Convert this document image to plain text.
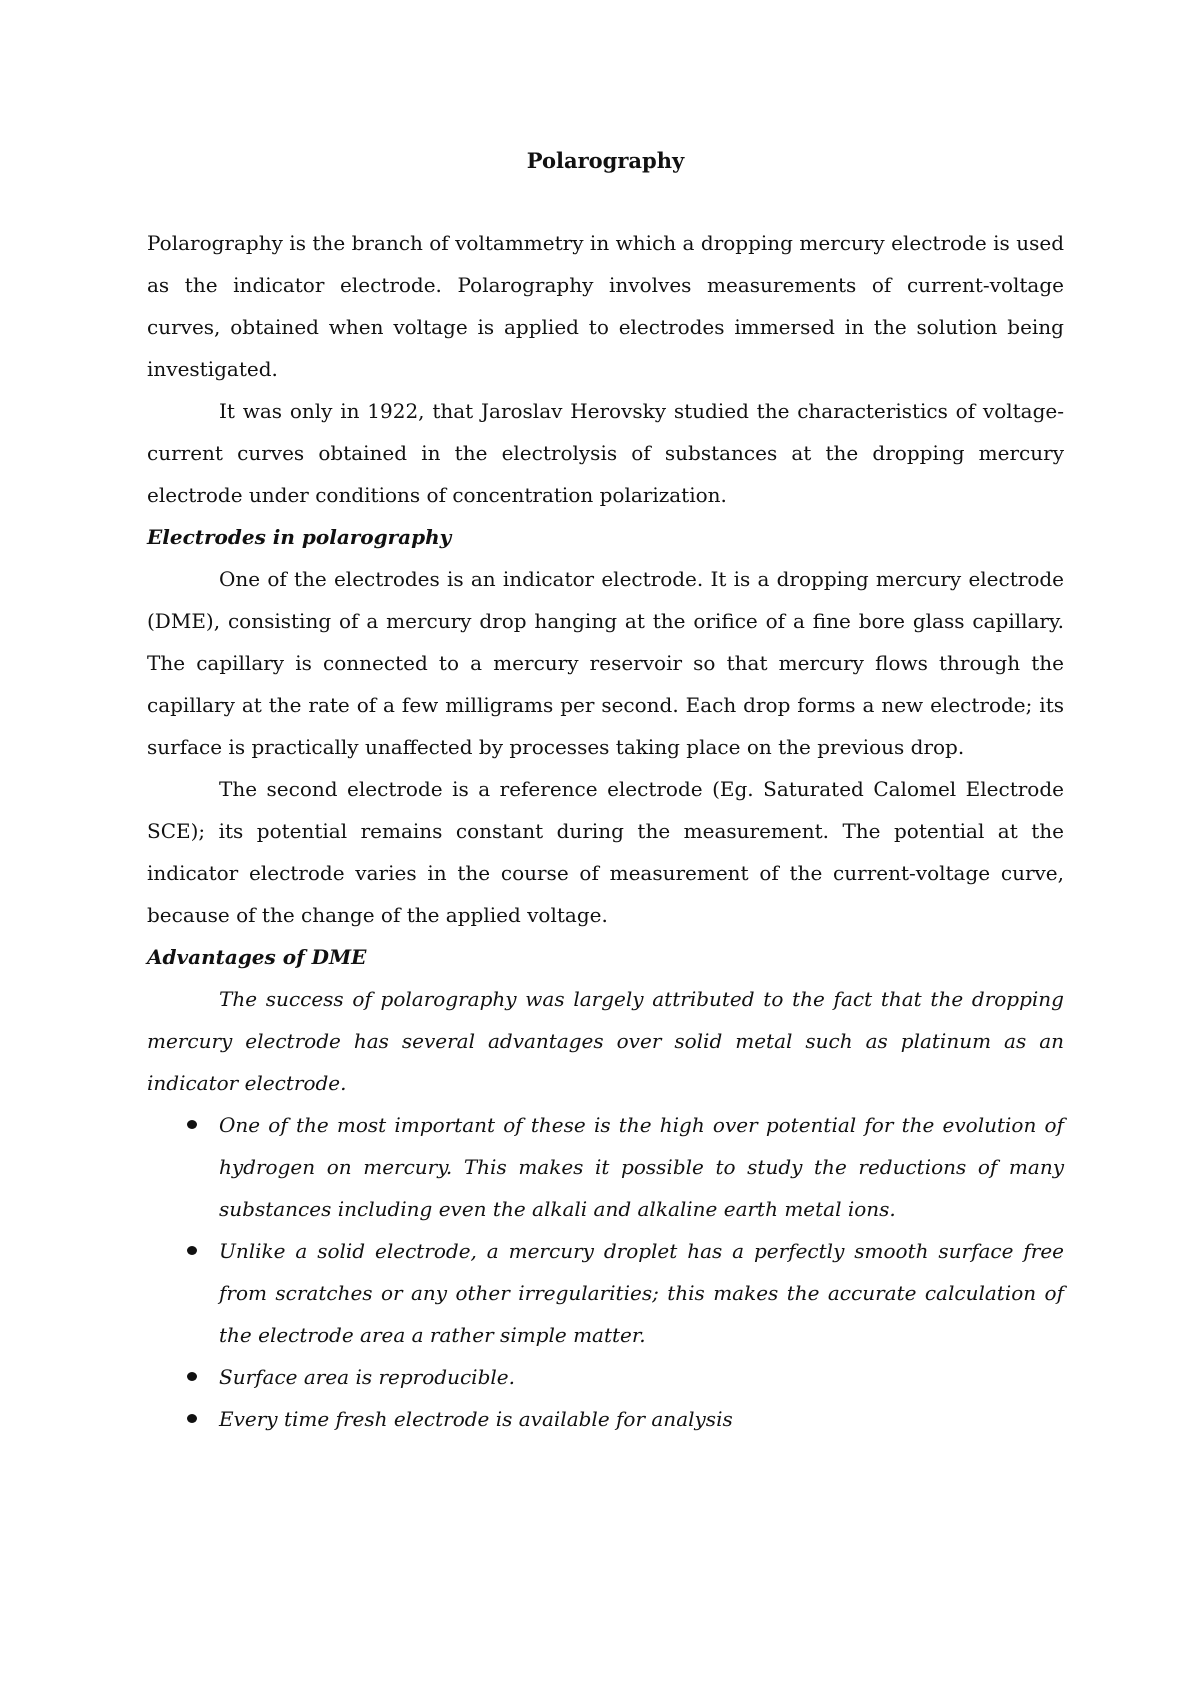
Polarography

Polarography is the branch of voltammetry in which a dropping mercury electrode is used as the indicator electrode. Polarography involves measurements of current-voltage curves, obtained when voltage is applied to electrodes immersed in the solution being investigated.

It was only in 1922, that Jaroslav Herovsky studied the characteristics of voltage-current curves obtained in the electrolysis of substances at the dropping mercury electrode under conditions of concentration polarization.

Electrodes in polarography

One of the electrodes is an indicator electrode. It is a dropping mercury electrode (DME), consisting of a mercury drop hanging at the orifice of a fine bore glass capillary. The capillary is connected to a mercury reservoir so that mercury flows through the capillary at the rate of a few milligrams per second. Each drop forms a new electrode; its surface is practically unaffected by processes taking place on the previous drop.

The second electrode is a reference electrode (Eg. Saturated Calomel Electrode SCE); its potential remains constant during the measurement. The potential at the indicator electrode varies in the course of measurement of the current-voltage curve, because of the change of the applied voltage.

Advantages of DME

The success of polarography was largely attributed to the fact that the dropping mercury electrode has several advantages over solid metal such as platinum as an indicator electrode.

One of the most important of these is the high over potential for the evolution of hydrogen on mercury. This makes it possible to study the reductions of many substances including even the alkali and alkaline earth metal ions.
Unlike a solid electrode, a mercury droplet has a perfectly smooth surface free from scratches or any other irregularities; this makes the accurate calculation of the electrode area a rather simple matter.
Surface area is reproducible.
Every time fresh electrode is available for analysis
